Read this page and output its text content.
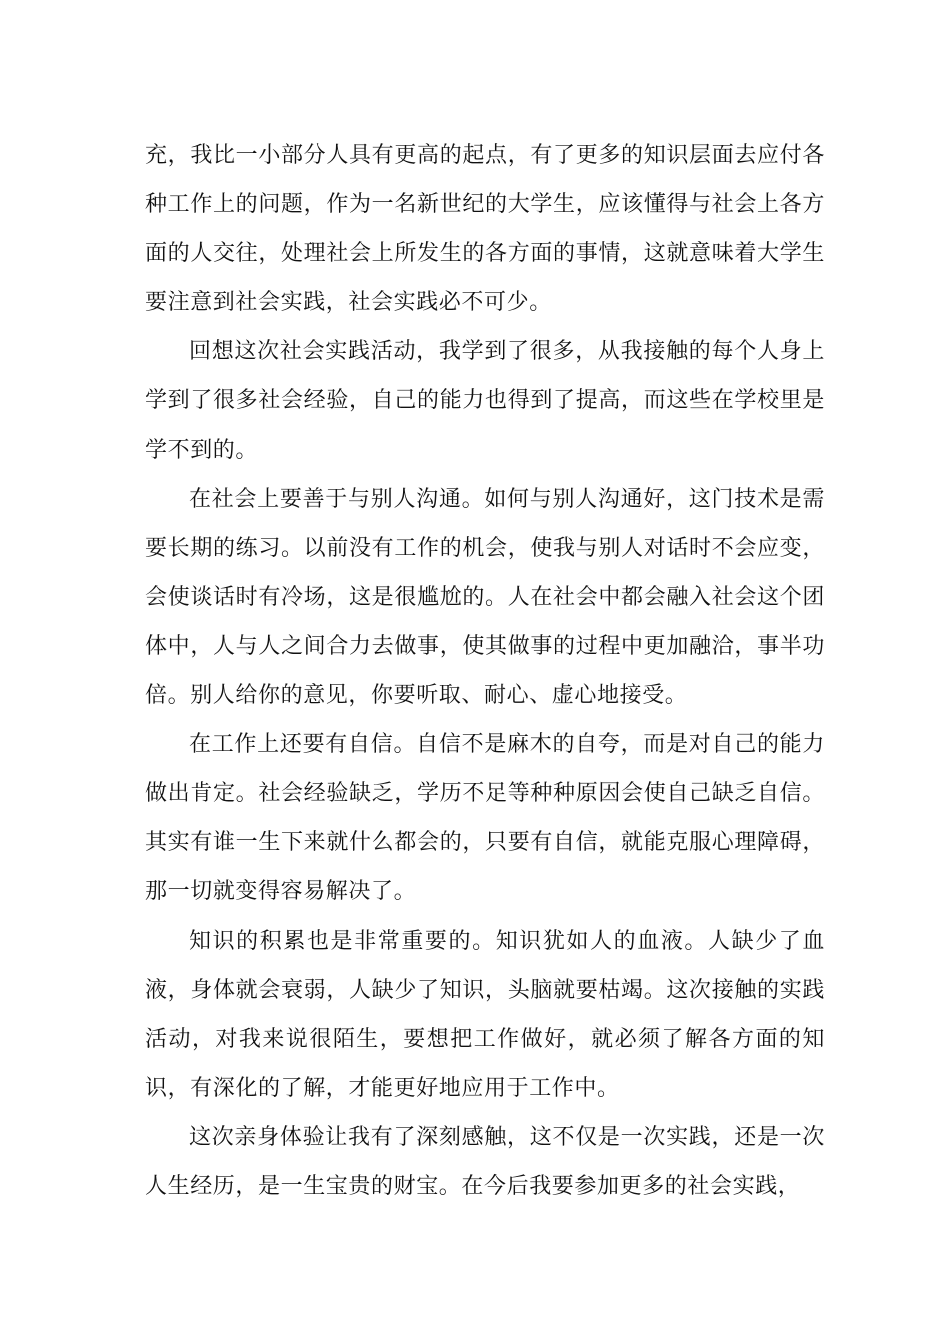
充，我比一小部分人具有更高的起点，有了更多的知识层面去应付各种工作上的问题，作为一名新世纪的大学生，应该懂得与社会上各方面的人交往，处理社会上所发生的各方面的事情，这就意味着大学生要注意到社会实践，社会实践必不可少。

回想这次社会实践活动，我学到了很多，从我接触的每个人身上学到了很多社会经验，自己的能力也得到了提高，而这些在学校里是学不到的。

在社会上要善于与别人沟通。如何与别人沟通好，这门技术是需要长期的练习。以前没有工作的机会，使我与别人对话时不会应变，会使谈话时有冷场，这是很尴尬的。人在社会中都会融入社会这个团体中，人与人之间合力去做事，使其做事的过程中更加融洽，事半功倍。别人给你的意见，你要听取、耐心、虚心地接受。

在工作上还要有自信。自信不是麻木的自夸，而是对自己的能力做出肯定。社会经验缺乏，学历不足等种种原因会使自己缺乏自信。其实有谁一生下来就什么都会的，只要有自信，就能克服心理障碍，那一切就变得容易解决了。

知识的积累也是非常重要的。知识犹如人的血液。人缺少了血液，身体就会衰弱，人缺少了知识，头脑就要枯竭。这次接触的实践活动，对我来说很陌生，要想把工作做好，就必须了解各方面的知识，有深化的了解，才能更好地应用于工作中。

这次亲身体验让我有了深刻感触，这不仅是一次实践，还是一次人生经历，是一生宝贵的财宝。在今后我要参加更多的社会实践，
